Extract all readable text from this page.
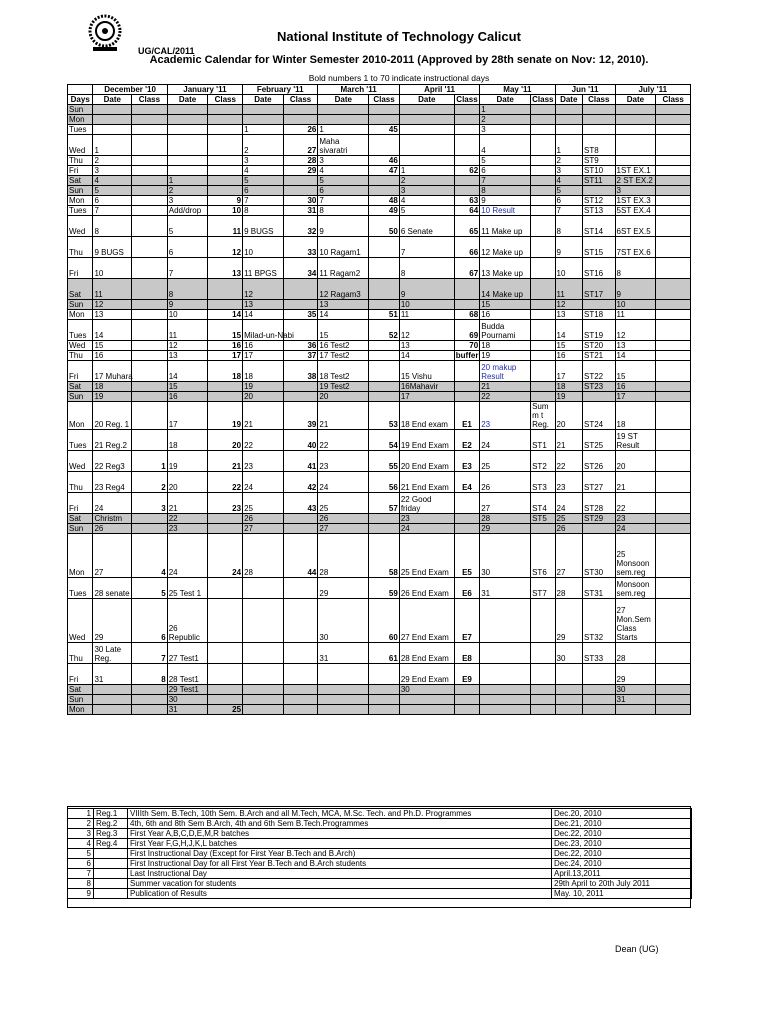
UG/CAL/2011
National Institute of Technology Calicut
Academic Calendar for Winter Semester 2010-2011 (Approved by 28th senate on Nov: 12, 2010).
Bold numbers 1 to 70 indicate instructional days
	December '10		January '11		February '11		March '11		April '11		May '11		Jun '11		July '11	
Days	Date	Class	Date	Class	Date	Class	Date	Class	Date	Class	Date	Class	Date	Class	Date	Class
Sun											1					
Mon											2					
Tues					1	26	1	45			3					
Wed	1				2	27	Maha sivaratri				4		1	ST8		
Thu	2				3	28	3	46			5		2	ST9		
Fri	3				4	29	4	47	1	62	6		3	ST10	1ST EX.1	
Sat	4		1		5		5		2		7		4	ST11	2 ST EX.2	
Sun	5		2		6		6		3		8		5		3	
Mon	6		3	9	7	30	7	48	4	63	9		6	ST12	1ST EX.3	
Tues	7		Add/drop	10	8	31	8	49	5	64	10 Result		7	ST13	5ST EX.4	
Wed	8		5	11	9 BUGS	32	9	50	6 Senate	65	11 Make up		8	ST14	6ST EX.5	
Thu	9 BUGS		6	12	10	33	10 Ragam1		7	66	12 Make up		9	ST15	7ST EX.6	
Fri	10		7	13	11 BPGS	34	11 Ragam2		8	67	13 Make up		10	ST16	8	
Sat	11		8		12		12 Ragam3		9		14 Make up		11	ST17	9	
Sun	12		9		13		13		10		15		12		10	
Mon	13		10	14	14	35	14	51	11	68	16		13	ST18	11	
Tues	14		11	15	Milad-un-Nabi		15	52	12	69	Budda Pournami		14	ST19	12	
Wed	15		12	16	16	36	16 Test2		13	70	18		15	ST20	13	
Thu	16		13	17	17	37	17 Test2		14	buffer	19		16	ST21	14	
Fri	17 Muhara		14	18	18	38	18 Test2		15 Vishu		20 makup Result		17	ST22	15	
Sat	18		15		19		19 Test2		16Mahavir		21		18	ST23	16	
Sun	19		16		20		20		17		22		19		17	
Mon	20 Reg. 1		17	19	21	39	21	53	18 End exam	E1	23	Summ t Reg.	20	ST24	18	
Tues	21 Reg.2		18	20	22	40	22	54	19 End Exam	E2	24	ST1	21	ST25	19 ST Result	
Wed	22 Reg3	1	19	21	23	41	23	55	20 End Exam	E3	25	ST2	22	ST26	20	
Thu	23 Reg4	2	20	22	24	42	24	56	21 End Exam	E4	26	ST3	23	ST27	21	
Fri	24	3	21	23	25	43	25	57	22 Good friday		27	ST4	24	ST28	22	
Sat	Christm		22		26		26		23		28	ST5	25	ST29	23	
Sun	26		23		27		27		24		29		26		24	
Mon	27	4	24	24	28	44	28	58	25 End Exam	E5	30	ST6	27	ST30	25 Monsoon sem.reg	
Tues	28 senate	5	25 Test 1				29	59	26 End Exam	E6	31	ST7	28	ST31	Monsoon sem.reg	
Wed	29	6	26 Republic				30	60	27 End Exam	E7			29	ST32	27 Mon.Sem Class Starts	
Thu	30 Late Reg.	7	27 Test1				31	61	28 End Exam	E8			30	ST33	28	
Fri	31	8	28 Test1						29 End Exam	E9					29	
Sat			29 Test1						30						30	
Sun			30												31	
Mon			31	25												
1	Reg.1	VIIIth Sem. B.Tech, 10th Sem. B.Arch and all M.Tech, MCA, M.Sc. Tech. and Ph.D. Programmes	Dec.20, 2010
2	Reg.2	4th, 6th and 8th Sem B.Arch, 4th and 6th Sem B.Tech.Programmes	Dec.21, 2010
3	Reg.3	First Year A,B,C,D,E,M,R batches	Dec.22, 2010
4	Reg.4	First Year F,G,H,J,K,L batches	Dec.23, 2010
5		First Instructional Day (Except for First Year B.Tech and B.Arch)	Dec.22, 2010
6		First Instructional Day for all First Year B.Tech and B.Arch students	Dec.24, 2010
7		Last Instructional Day	April.13,2011
8		Summer vacation for students	29th April to 20th July 2011
9		Publication of Results	May. 10, 2011
Dean (UG)
